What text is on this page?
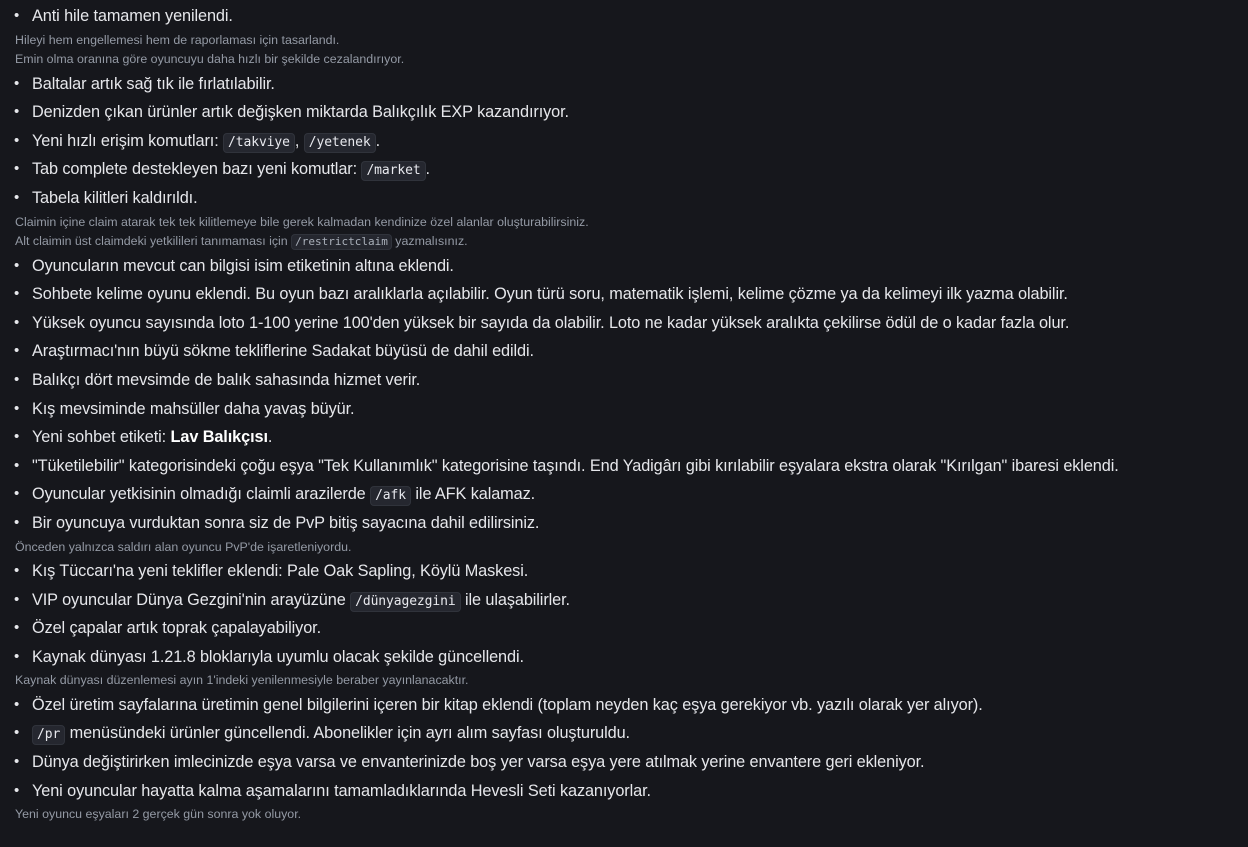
• Anti hile tamamen yenilendi.
Hileyi hem engellemesi hem de raporlaması için tasarlandı.
Emin olma oranına göre oyuncuyu daha hızlı bir şekilde cezalandırıyor.
• Baltalar artık sağ tık ile fırlatılabilir.
• Denizden çıkan ürünler artık değişken miktarda Balıkçılık EXP kazandırıyor.
• Yeni hızlı erişim komutları: /takviye , /yetenek .
• Tab complete destekleyen bazı yeni komutlar: /market .
• Tabela kilitleri kaldırıldı.
Claimin içine claim atarak tek tek kilitlemeye bile gerek kalmadan kendinize özel alanlar oluşturabilirsiniz.
Alt claimin üst claimdeki yetkilileri tanımaması için /restrictclaim yazmalısınız.
• Oyuncuların mevcut can bilgisi isim etiketinin altına eklendi.
• Sohbete kelime oyunu eklendi. Bu oyun bazı aralıklarla açılabilir. Oyun türü soru, matematik işlemi, kelime çözme ya da kelimeyi ilk yazma olabilir.
• Yüksek oyuncu sayısında loto 1-100 yerine 100'den yüksek bir sayıda da olabilir. Loto ne kadar yüksek aralıkta çekilirse ödül de o kadar fazla olur.
• Araştırmacı'nın büyü sökme tekliflerine Sadakat büyüsü de dahil edildi.
• Balıkçı dört mevsimde de balık sahasında hizmet verir.
• Kış mevsiminde mahsüller daha yavaş büyür.
• Yeni sohbet etiketi: Lav Balıkçısı.
• "Tüketilebilir" kategorisindeki çoğu eşya "Tek Kullanımlık" kategorisine taşındı. End Yadigârı gibi kırılabilir eşyalara ekstra olarak "Kırılgan" ibaresi eklendi.
• Oyuncular yetkisinin olmadığı claimli arazilerde /afk ile AFK kalamaz.
• Bir oyuncuya vurduktan sonra siz de PvP bitiş sayacına dahil edilirsiniz.
Önceden yalnızca saldırı alan oyuncu PvP'de işaretleniyordu.
• Kış Tüccarı'na yeni teklifler eklendi: Pale Oak Sapling, Köylü Maskesi.
• VIP oyuncular Dünya Gezgini'nin arayüzüne /dünyagezgini ile ulaşabilirler.
• Özel çapalar artık toprak çapalayabiliyor.
• Kaynak dünyası 1.21.8 bloklarıyla uyumlu olacak şekilde güncellendi.
Kaynak dünyası düzenlemesi ayın 1'indeki yenilenmesiyle beraber yayınlanacaktır.
• Özel üretim sayfalarına üretimin genel bilgilerini içeren bir kitap eklendi (toplam neyden kaç eşya gerekiyor vb. yazılı olarak yer alıyor).
•	/pr menüsündeki ürünler güncellendi. Abonelikler için ayrı alım sayfası oluşturuldu.
• Dünya değiştirirken imlecinizde eşya varsa ve envanterinizde boş yer varsa eşya yere atılmak yerine envantere geri ekleniyor.
• Yeni oyuncular hayatta kalma aşamalarını tamamladıklarında Hevesli Seti kazanıyorlar.
Yeni oyuncu eşyaları 2 gerçek gün sonra yok oluyor.
